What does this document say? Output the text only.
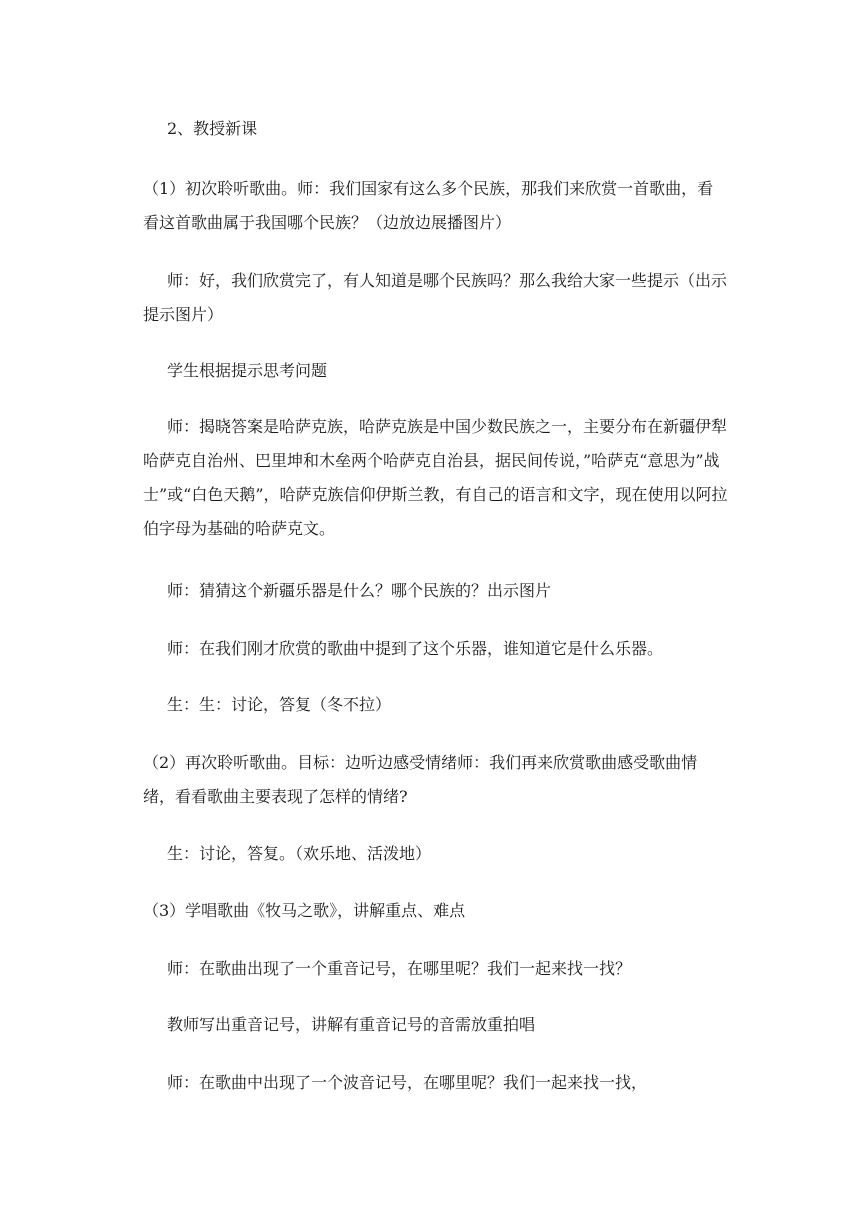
2、教授新课

（1）初次聆听歌曲。师：我们国家有这么多个民族，那我们来欣赏一首歌曲，看看这首歌曲属于我国哪个民族？（边放边展播图片）

师：好，我们欣赏完了，有人知道是哪个民族吗？那么我给大家一些提示（出示提示图片）

学生根据提示思考问题

师：揭晓答案是哈萨克族，哈萨克族是中国少数民族之一，主要分布在新疆伊犁哈萨克自治州、巴里坤和木垒两个哈萨克自治县，据民间传说，”哈萨克“意思为”战士”或“白色天鹅”，哈萨克族信仰伊斯兰教，有自己的语言和文字，现在使用以阿拉伯字母为基础的哈萨克文。

师：猜猜这个新疆乐器是什么？哪个民族的？出示图片

师：在我们刚才欣赏的歌曲中提到了这个乐器，谁知道它是什么乐器。

生：生：讨论，答复（冬不拉）

（2）再次聆听歌曲。目标：边听边感受情绪师：我们再来欣赏歌曲感受歌曲情绪，看看歌曲主要表现了怎样的情绪?

生：讨论，答复。（欢乐地、活泼地）

（3）学唱歌曲《牧马之歌》，讲解重点、难点

师：在歌曲出现了一个重音记号，在哪里呢？我们一起来找一找？

教师写出重音记号，讲解有重音记号的音需放重拍唱

师：在歌曲中出现了一个波音记号，在哪里呢？我们一起来找一找，
